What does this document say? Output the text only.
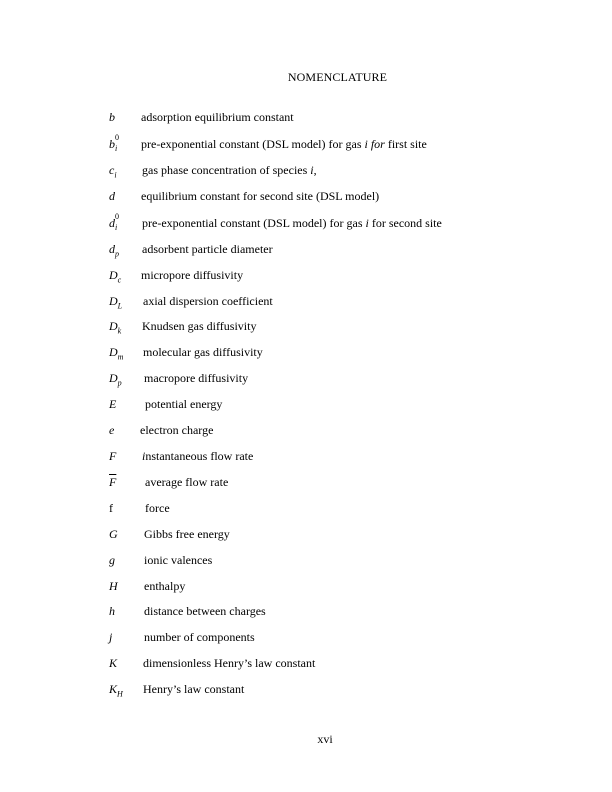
NOMENCLATURE
b adsorption equilibrium constant
b 0
i pre-exponential constant (DSL model) for gas i for first site
$c_i$ gas phase concentration of species i,
d equilibrium constant for second site (DSL model)
d 0
i pre-exponential constant (DSL model) for gas i for second site
$d_p$ adsorbent particle diameter
$D_c$ micropore diffusivity
$D_L$ axial dispersion coefficient
$D_k$ Knudsen gas diffusivity
$D_m$ molecular gas diffusivity
$D_p$ macropore diffusivity
E potential energy
e electron charge
F instantaneous flow rate
$\overline{F}$ average flow rate
f	force
G Gibbs free energy
g ionic valences
H enthalpy
h distance between charges
j	number of components
K dimensionless Henry’s law constant
$K_H$ Henry’s law constant
xvi
